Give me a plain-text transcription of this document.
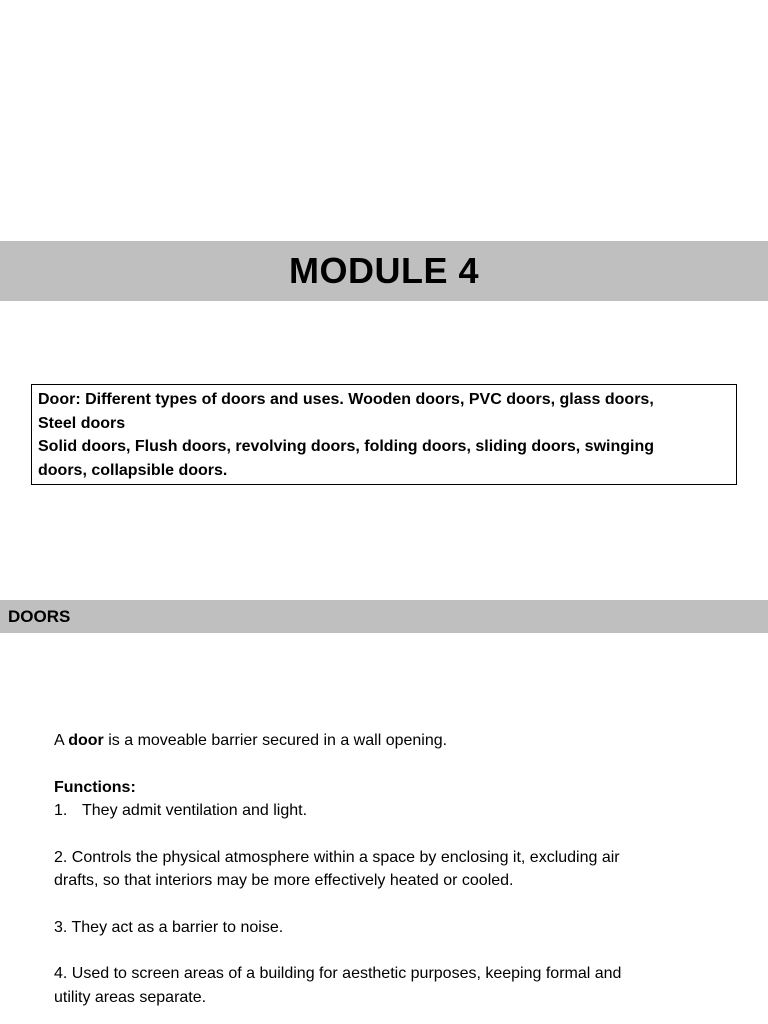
MODULE 4
Door: Different types of doors and uses. Wooden doors, PVC doors, glass doors,
Steel doors
Solid doors, Flush doors, revolving doors, folding doors, sliding doors, swinging
doors, collapsible doors.
DOORS

A door is a moveable barrier secured in a wall opening.

Functions:

1. They admit ventilation and light.

2. Controls the physical atmosphere within a space by enclosing it, excluding air
drafts, so that interiors may be more effectively heated or cooled.

3. They act as a barrier to noise.

4. Used to screen areas of a building for aesthetic purposes, keeping formal and
utility areas separate.
